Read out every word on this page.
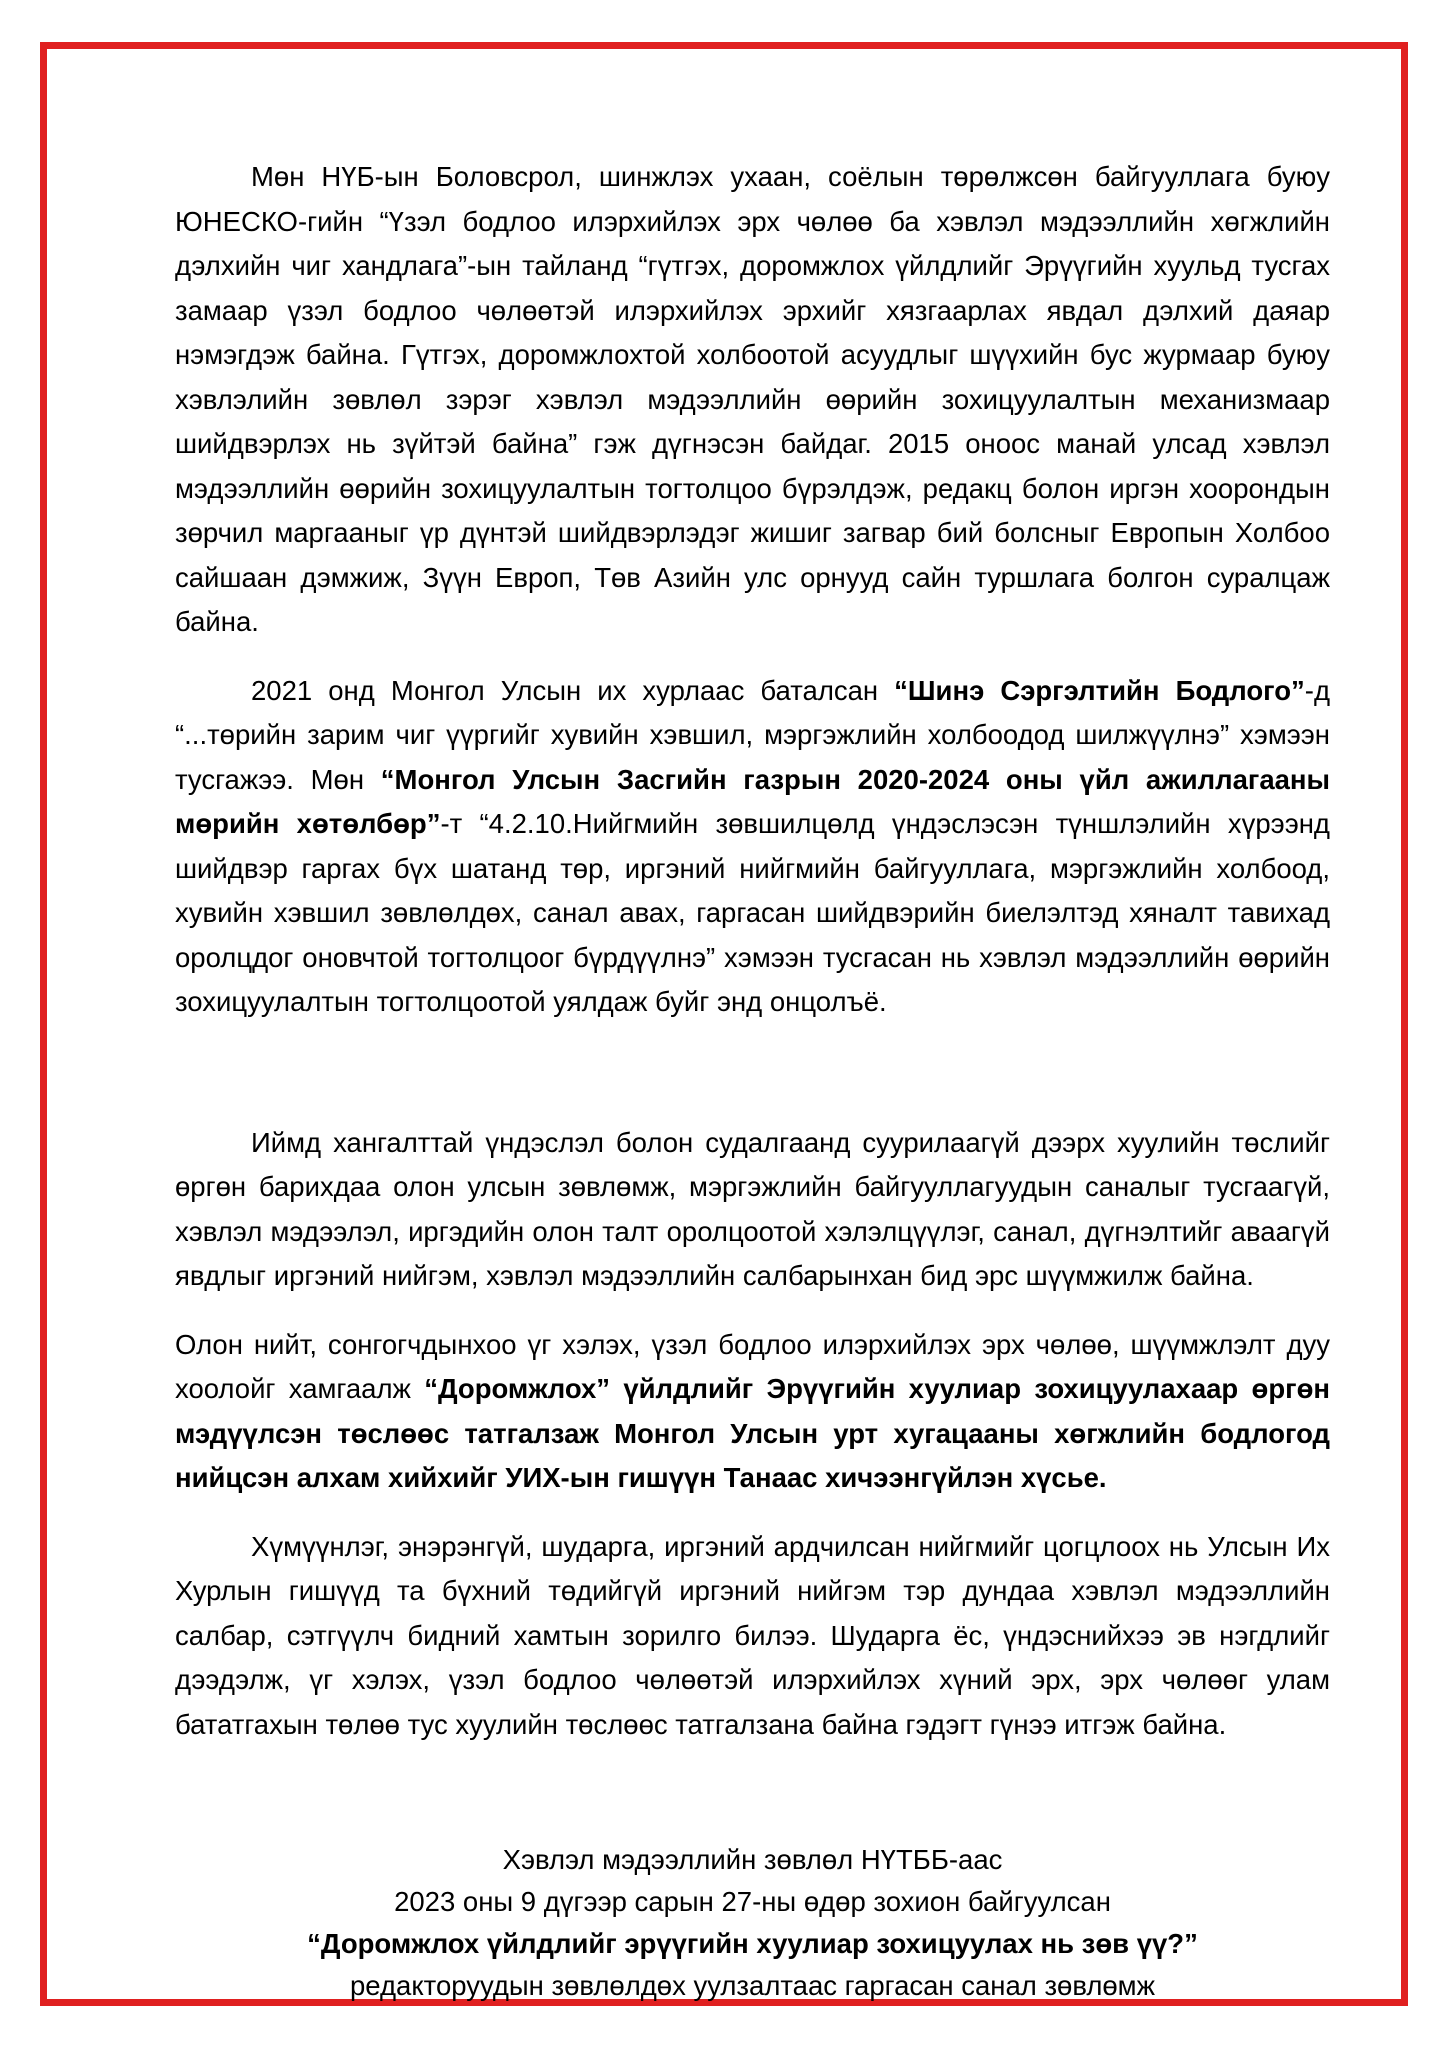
Мөн НҮБ-ын Боловсрол, шинжлэх ухаан, соёлын төрөлжсөн байгууллага буюу ЮНЕСКО-гийн “Үзэл бодлоо илэрхийлэх эрх чөлөө ба хэвлэл мэдээллийн хөгжлийн дэлхийн чиг хандлага”-ын тайланд “гүтгэх, доромжлох үйлдлийг Эрүүгийн хуульд тусгах замаар үзэл бодлоо чөлөөтэй илэрхийлэх эрхийг хязгаарлах явдал дэлхий даяар нэмэгдэж байна. Гүтгэх, доромжлохтой холбоотой асуудлыг шүүхийн бус журмаар буюу хэвлэлийн зөвлөл зэрэг хэвлэл мэдээллийн өөрийн зохицуулалтын механизмаар шийдвэрлэх нь зүйтэй байна” гэж дүгнэсэн байдаг. 2015 оноос манай улсад хэвлэл мэдээллийн өөрийн зохицуулалтын тогтолцоо бүрэлдэж, редакц болон иргэн хоорондын зөрчил маргааныг үр дүнтэй шийдвэрлэдэг жишиг загвар бий болсныг Европын Холбоо сайшаан дэмжиж, Зүүн Европ, Төв Азийн улс орнууд сайн туршлага болгон суралцаж байна.

2021 онд Монгол Улсын их хурлаас баталсан “Шинэ Сэргэлтийн Бодлого”-д “...төрийн зарим чиг үүргийг хувийн хэвшил, мэргэжлийн холбоодод шилжүүлнэ” хэмээн тусгажээ. Мөн “Монгол Улсын Засгийн газрын 2020-2024 оны үйл ажиллагааны мөрийн хөтөлбөр”-т “4.2.10.Нийгмийн зөвшилцөлд үндэслэсэн түншлэлийн хүрээнд шийдвэр гаргах бүх шатанд төр, иргэний нийгмийн байгууллага, мэргэжлийн холбоод, хувийн хэвшил зөвлөлдөх, санал авах, гаргасан шийдвэрийн биелэлтэд хяналт тавихад оролцдог оновчтой тогтолцоог бүрдүүлнэ” хэмээн тусгасан нь хэвлэл мэдээллийн өөрийн зохицуулалтын тогтолцоотой уялдаж буйг энд онцолъё.

Иймд хангалттай үндэслэл болон судалгаанд суурилаагүй дээрх хуулийн төслийг өргөн барихдаа олон улсын зөвлөмж, мэргэжлийн байгууллагуудын саналыг тусгаагүй, хэвлэл мэдээлэл, иргэдийн олон талт оролцоотой хэлэлцүүлэг, санал, дүгнэлтийг аваагүй явдлыг иргэний нийгэм, хэвлэл мэдээллийн салбарынхан бид эрс шүүмжилж байна.

Олон нийт, сонгогчдынхоо үг хэлэх, үзэл бодлоо илэрхийлэх эрх чөлөө, шүүмжлэлт дуу хоолойг хамгаалж “Доромжлох” үйлдлийг Эрүүгийн хуулиар зохицуулахаар өргөн мэдүүлсэн төслөөс татгалзаж Монгол Улсын урт хугацааны хөгжлийн бодлогод нийцсэн алхам хийхийг УИХ-ын гишүүн Танаас хичээнгүйлэн хүсье.

Хүмүүнлэг, энэрэнгүй, шударга, иргэний ардчилсан нийгмийг цогцлоох нь Улсын Их Хурлын гишүүд та бүхний төдийгүй иргэний нийгэм тэр дундаа хэвлэл мэдээллийн салбар, сэтгүүлч бидний хамтын зорилго билээ. Шударга ёс, үндэснийхээ эв нэгдлийг дээдэлж, үг хэлэх, үзэл бодлоо чөлөөтэй илэрхийлэх хүний эрх, эрх чөлөөг улам бататгахын төлөө тус хуулийн төслөөс татгалзана байна гэдэгт гүнээ итгэж байна.

Хэвлэл мэдээллийн зөвлөл НҮТББ-аас
2023 оны 9 дүгээр сарын 27-ны өдөр зохион байгуулсан
“Доромжлох үйлдлийг эрүүгийн хуулиар зохицуулах нь зөв үү?”
редакторуудын зөвлөлдөх уулзалтаас гаргасан санал зөвлөмж
